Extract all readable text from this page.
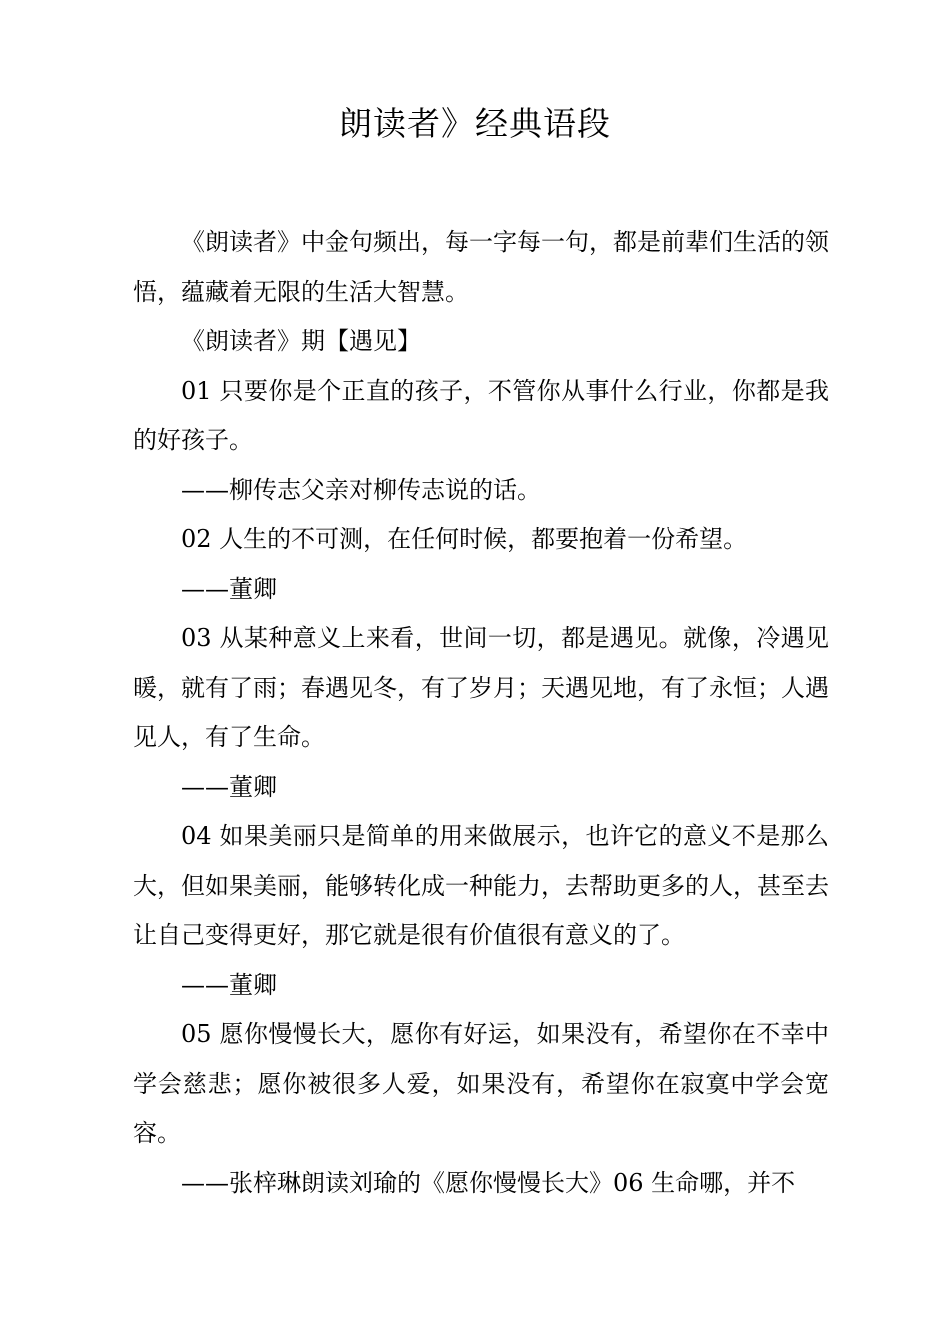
朗读者》经典语段

《朗读者》中金句频出，每一字每一句，都是前辈们生活的领悟，蕴藏着无限的生活大智慧。

《朗读者》期【遇见】

01 只要你是个正直的孩子，不管你从事什么行业，你都是我的好孩子。

——柳传志父亲对柳传志说的话。

02 人生的不可测，在任何时候，都要抱着一份希望。

——董卿

03 从某种意义上来看，世间一切，都是遇见。就像，冷遇见暖，就有了雨；春遇见冬，有了岁月；天遇见地，有了永恒；人遇见人，有了生命。

——董卿

04 如果美丽只是简单的用来做展示，也许它的意义不是那么大，但如果美丽，能够转化成一种能力，去帮助更多的人，甚至去让自己变得更好，那它就是很有价值很有意义的了。

——董卿

05 愿你慢慢长大，愿你有好运，如果没有，希望你在不幸中学会慈悲；愿你被很多人爱，如果没有，希望你在寂寞中学会宽容。

——张梓琳朗读刘瑜的《愿你慢慢长大》06 生命哪，并不
